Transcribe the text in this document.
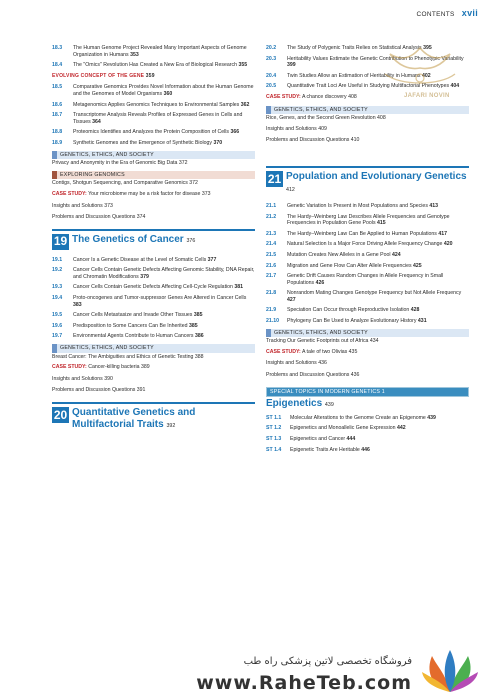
CONTENTS xvii
18.3	The Human Genome Project Revealed Many Important Aspects of Genome Organization in Humans 353
18.4	The "Omics" Revolution Has Created a New Era of Biological Research 355
EVOLVING CONCEPT OF THE GENE 359
18.5	Comparative Genomics Provides Novel Information about the Human Genome and the Genomes of Model Organisms 360
18.6	Metagenomics Applies Genomics Techniques to Environmental Samples 362
18.7	Transcriptome Analysis Reveals Profiles of Expressed Genes in Cells and Tissues 364
18.8	Proteomics Identifies and Analyzes the Protein Composition of Cells 366
18.9	Synthetic Genomes and the Emergence of Synthetic Biology 370
GENETICS, ETHICS, AND SOCIETY
Privacy and Anonymity in the Era of Genomic Big Data 372
EXPLORING GENOMICS
Contigs, Shotgun Sequencing, and Comparative Genomics 372
CASE STUDY: Your microbiome may be a risk factor for disease 373
Insights and Solutions 373
Problems and Discussion Questions 374
19 The Genetics of Cancer 376
19.1	Cancer Is a Genetic Disease at the Level of Somatic Cells 377
19.2	Cancer Cells Contain Genetic Defects Affecting Genomic Stability, DNA Repair, and Chromatin Modifications 379
19.3	Cancer Cells Contain Genetic Defects Affecting Cell-Cycle Regulation 381
19.4	Proto-oncogenes and Tumor-suppressor Genes Are Altered in Cancer Cells 383
19.5	Cancer Cells Metastasize and Invade Other Tissues 385
19.6	Predisposition to Some Cancers Can Be Inherited 385
19.7	Environmental Agents Contribute to Human Cancers 386
GENETICS, ETHICS, AND SOCIETY
Breast Cancer: The Ambiguities and Ethics of Genetic Testing 388
CASE STUDY: Cancer-killing bacteria 389
Insights and Solutions 390
Problems and Discussion Questions 391
20 Quantitative Genetics and Multifactorial Traits 392
20.2	The Study of Polygenic Traits Relies on Statistical Analysis 395
20.3	Heritability Values Estimate the Genetic Contribution to Phenotypic Variability 399
20.4	Twin Studies Allow an Estimation of Heritability in Humans 402
20.5	Quantitative Trait Loci Are Useful in Studying Multifactorial Phenotypes 404
CASE STUDY: A chance discovery 408
GENETICS, ETHICS, AND SOCIETY
Rice, Genes, and the Second Green Revolution 408
Insights and Solutions 409
Problems and Discussion Questions 410
21 Population and Evolutionary Genetics 412
21.1	Genetic Variation Is Present in Most Populations and Species 413
21.2	The Hardy–Weinberg Law Describes Allele Frequencies and Genotype Frequencies in Population Gene Pools 415
21.3	The Hardy–Weinberg Law Can Be Applied to Human Populations 417
21.4	Natural Selection Is a Major Force Driving Allele Frequency Change 420
21.5	Mutation Creates New Alleles in a Gene Pool 424
21.6	Migration and Gene Flow Can Alter Allele Frequencies 425
21.7	Genetic Drift Causes Random Changes in Allele Frequency in Small Populations 426
21.8	Nonrandom Mating Changes Genotype Frequency but Not Allele Frequency 427
21.9	Speciation Can Occur through Reproductive Isolation 428
21.10	Phylogeny Can Be Used to Analyze Evolutionary History 431
GENETICS, ETHICS, AND SOCIETY
Tracking Our Genetic Footprints out of Africa 434
CASE STUDY: A tale of two Olivias 435
Insights and Solutions 436
Problems and Discussion Questions 436
SPECIAL TOPICS IN MODERN GENETICS 1
Epigenetics 439
ST 1.1	Molecular Alterations to the Genome Create an Epigenome 439
ST 1.2	Epigenetics and Monoallelic Gene Expression 442
ST 1.3	Epigenetics and Cancer 444
ST 1.4	Epigenetic Traits Are Heritable 446
JAFARI NOVIN
فروشگاه تخصصی لاتین پزشکی راه طب
www.RaheTeb.com
